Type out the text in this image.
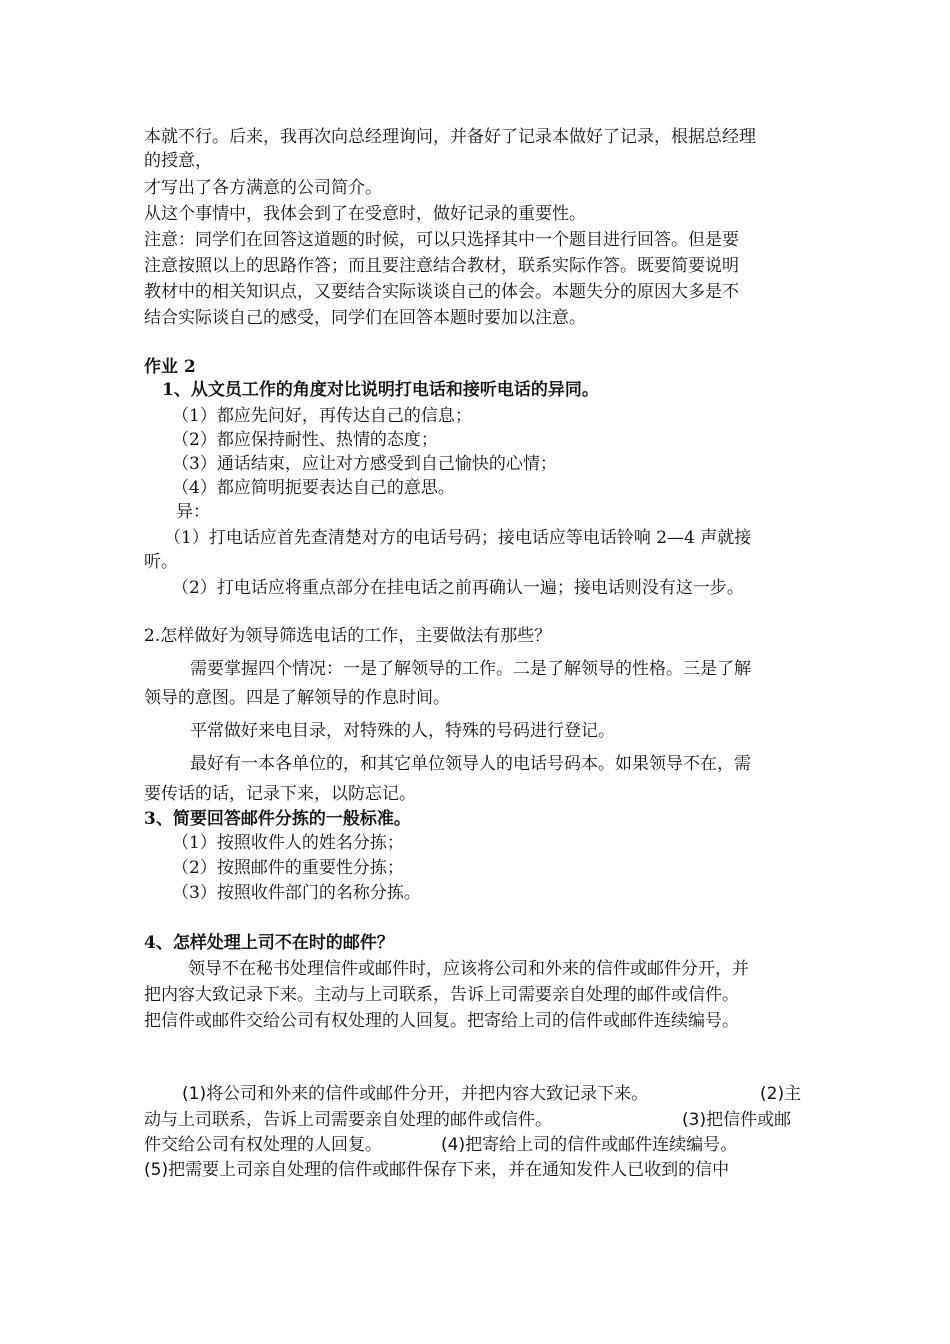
本就不行。后来，我再次向总经理询问，并备好了记录本做好了记录，根据总经理

的授意，

才写出了各方满意的公司简介。

从这个事情中，我体会到了在受意时，做好记录的重要性。

注意：同学们在回答这道题的时候，可以只选择其中一个题目进行回答。但是要

注意按照以上的思路作答；而且要注意结合教材，联系实际作答。既要简要说明

教材中的相关知识点，又要结合实际谈谈自己的体会。本题失分的原因大多是不

结合实际谈自己的感受，同学们在回答本题时要加以注意。

作业 2

1、从文员工作的角度对比说明打电话和接听电话的异同。

（1）都应先问好，再传达自己的信息；

（2）都应保持耐性、热情的态度；

（3）通话结束，应让对方感受到自己愉快的心情；

（4）都应简明扼要表达自己的意思。

异：

（1）打电话应首先查清楚对方的电话号码；接电话应等电话铃响 2—4 声就接

听。

（2）打电话应将重点部分在挂电话之前再确认一遍；接电话则没有这一步。

2.怎样做好为领导筛选电话的工作，主要做法有那些？

需要掌握四个情况：一是了解领导的工作。二是了解领导的性格。三是了解

领导的意图。四是了解领导的作息时间。

平常做好来电目录，对特殊的人，特殊的号码进行登记。

最好有一本各单位的，和其它单位领导人的电话号码本。如果领导不在，需

要传话的话，记录下来，以防忘记。

3、简要回答邮件分拣的一般标准。

（1）按照收件人的姓名分拣；

（2）按照邮件的重要性分拣；

（3）按照收件部门的名称分拣。

4、怎样处理上司不在时的邮件？

领导不在秘书处理信件或邮件时，应该将公司和外来的信件或邮件分开，并

把内容大致记录下来。主动与上司联系，告诉上司需要亲自处理的邮件或信件。

把信件或邮件交给公司有权处理的人回复。把寄给上司的信件或邮件连续编号。

(1)将公司和外来的信件或邮件分开，并把内容大致记录下来。	(2)主

动与上司联系，告诉上司需要亲自处理的邮件或信件。	(3)把信件或邮

件交给公司有权处理的人回复。	(4)把寄给上司的信件或邮件连续编号。

(5)把需要上司亲自处理的信件或邮件保存下来，并在通知发件人已收到的信中
